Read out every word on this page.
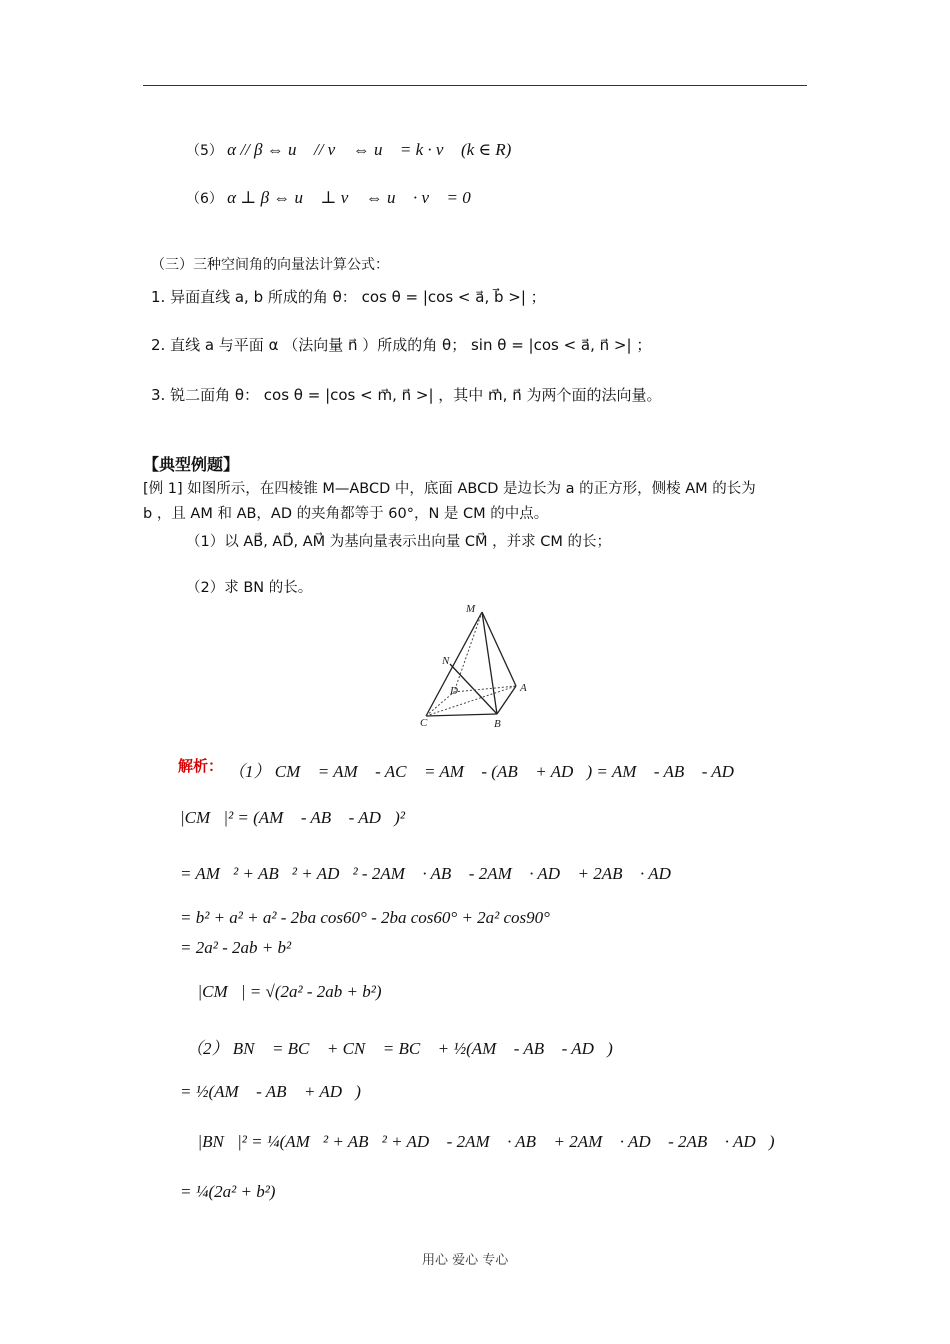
（5） α // β ⇔ u⃗ // v⃗ ⇔ u⃗ = k · v⃗ (k ∈ R)
（6） α ⊥ β ⇔ u⃗ ⊥ v⃗ ⇔ u⃗ · v⃗ = 0
（三）三种空间角的向量法计算公式：
1. 异面直线 a, b 所成的角 θ： cos θ = |cos < a⃗, b⃗ >| ；
2. 直线 a 与平面 α （法向量 n⃗ ）所成的角 θ； sin θ = |cos < a⃗, n⃗ >| ；
3. 锐二面角 θ： cos θ = |cos < m⃗, n⃗ >| ，其中 m⃗, n⃗ 为两个面的法向量。
【典型例题】
[例 1] 如图所示，在四棱锥 M—ABCD 中，底面 ABCD 是边长为 a 的正方形，侧棱 AM 的长为
b ，且 AM 和 AB，AD 的夹角都等于 60°，N 是 CM 的中点。
（1）以 AB⃗, AD⃗, AM⃗ 为基向量表示出向量 CM⃗ ，并求 CM 的长；
（2）求 BN 的长。
M
N
D	A
C	B
解析： （1） CM⃗ = AM⃗ - AC⃗ = AM⃗ - (AB⃗ + AD⃗) = AM⃗ - AB⃗ - AD⃗
|CM⃗|² = (AM⃗ - AB⃗ - AD⃗)²
= AM⃗² + AB⃗² + AD⃗² - 2AM⃗ · AB⃗ - 2AM⃗ · AD⃗ + 2AB⃗ · AD⃗
= b² + a² + a² - 2ba cos60° - 2ba cos60° + 2a² cos90°
= 2a² - 2ab + b²
∴ |CM⃗| = √(2a² - 2ab + b²)
（2） BN⃗ = BC⃗ + CN⃗ = BC⃗ + ½(AM⃗ - AB⃗ - AD⃗)
= ½(AM⃗ - AB⃗ + AD⃗)
∴ |BN⃗|² = ¼(AM⃗² + AB⃗² + AD⃗ - 2AM⃗ · AB⃗ + 2AM⃗ · AD⃗ - 2AB⃗ · AD⃗)
= ¼(2a² + b²)
用心 爱心 专心
